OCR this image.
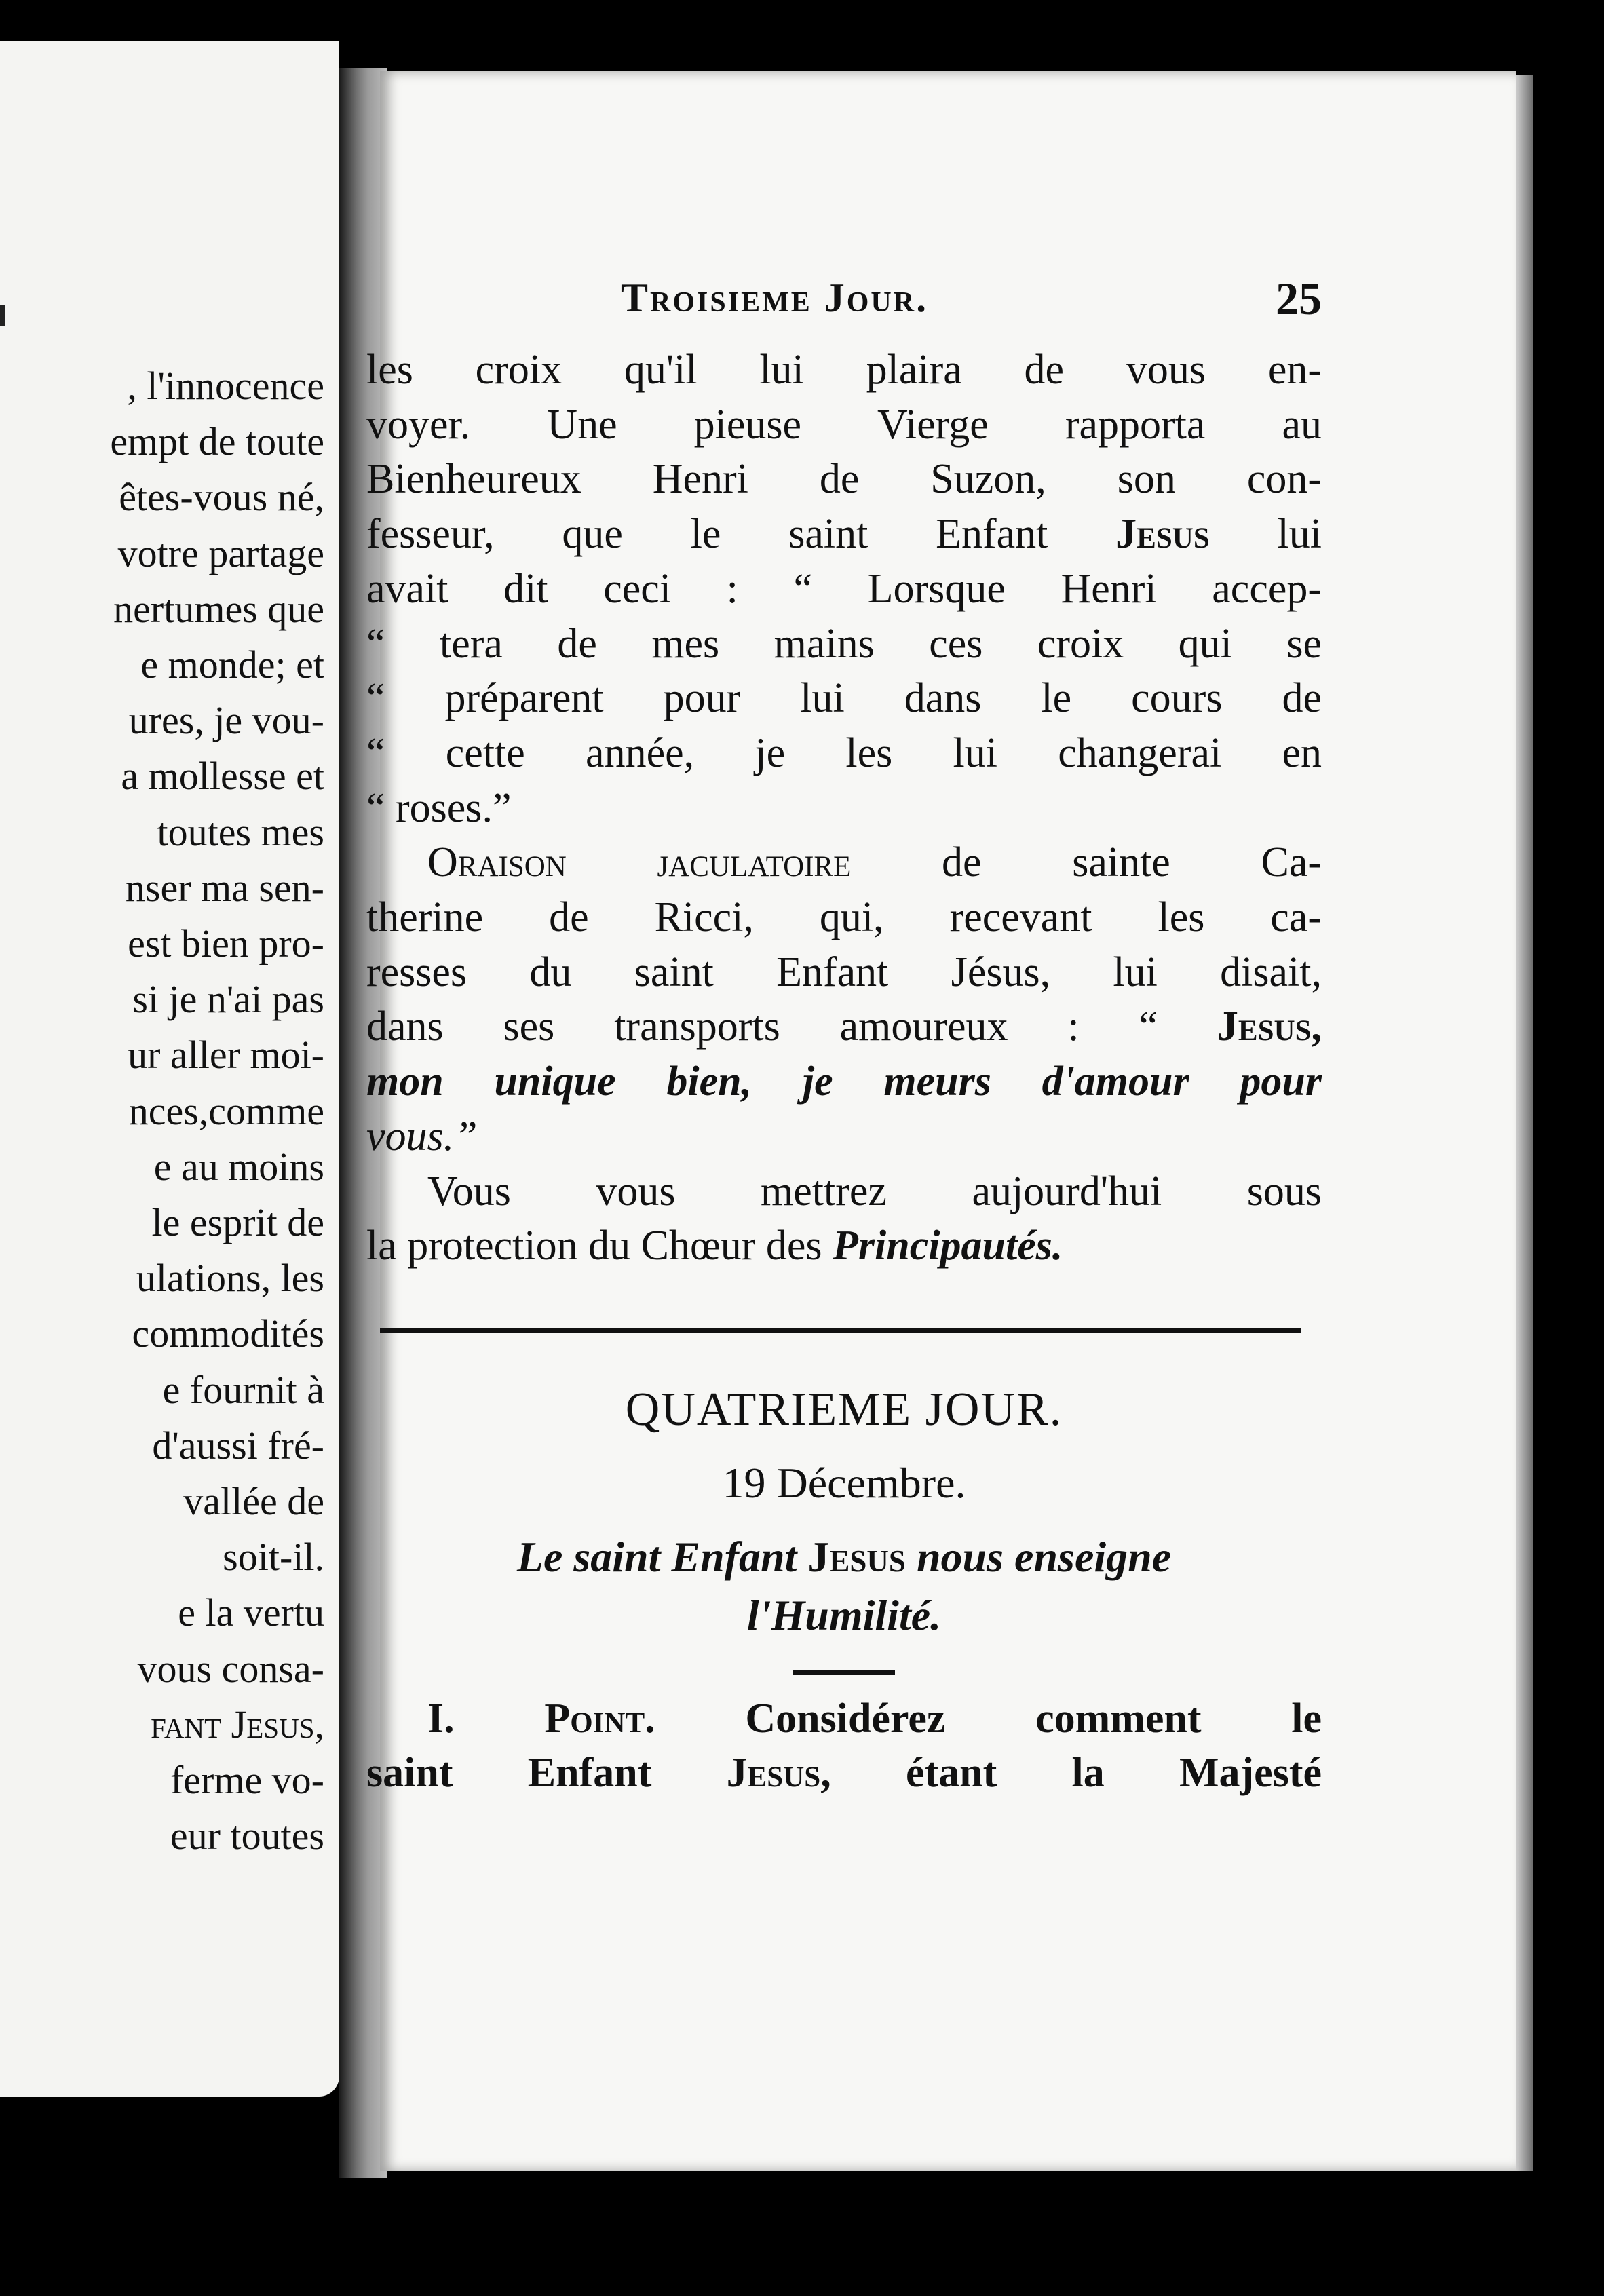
, l'innocence
empt de toute
êtes-vous né,
votre partage
nertumes que
e monde; et
ures, je vou-
a mollesse et
toutes mes
nser ma sen-
est bien pro-
si je n'ai pas
ur aller moi-
nces,comme
e au moins
le esprit de
ulations, les
commodités
e fournit à
d'aussi fré-
vallée de
soit-il.
e la vertu
vous consa-
fant Jesus,
ferme vo-
eur toutes
Troisieme Jour.	25
les croix qu'il lui plaira de vous en-
voyer. Une pieuse Vierge rapporta au
Bienheureux Henri de Suzon, son con-
fesseur, que le saint Enfant Jesus lui
avait dit ceci : “ Lorsque Henri accep-
“ tera de mes mains ces croix qui se
“ préparent pour lui dans le cours de
“ cette année, je les lui changerai en
“ roses.”
Oraison jaculatoire de sainte Ca-
therine de Ricci, qui, recevant les ca-
resses du saint Enfant Jésus, lui disait,
dans ses transports amoureux : “ Jesus,
mon unique bien, je meurs d'amour pour
vous.”
Vous vous mettrez aujourd'hui sous
la protection du Chœur des Principautés.
QUATRIEME JOUR.
19 Décembre.
Le saint Enfant Jesus nous enseigne
l'Humilité.
I. Point. Considérez comment le
saint Enfant Jesus, étant la Majesté
